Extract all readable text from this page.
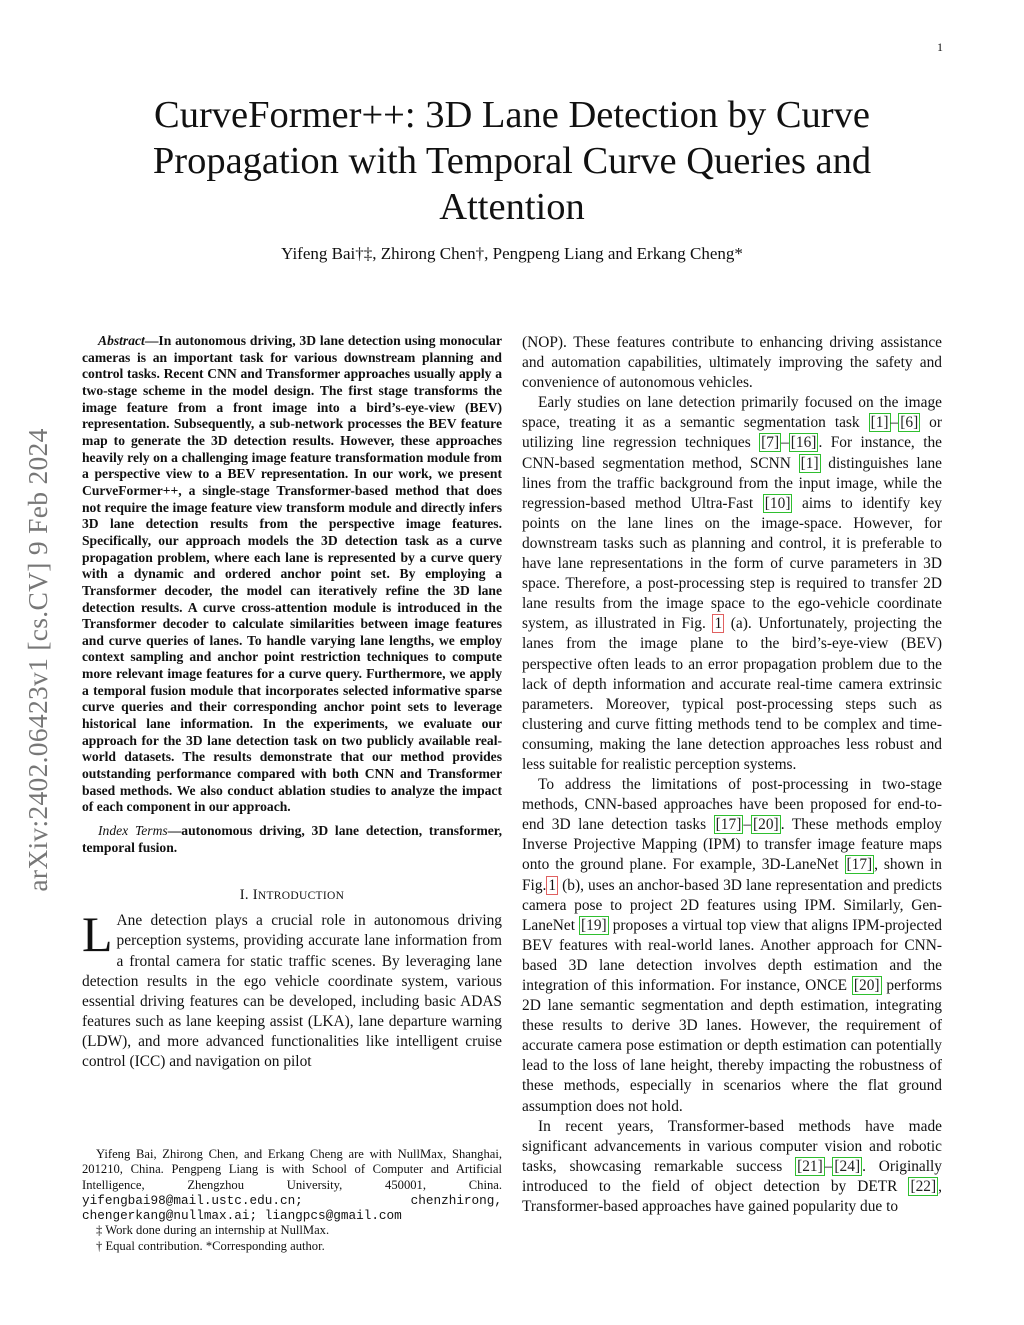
1
CurveFormer++: 3D Lane Detection by Curve Propagation with Temporal Curve Queries and Attention
Yifeng Bai†‡, Zhirong Chen†, Pengpeng Liang and Erkang Cheng*
arXiv:2402.06423v1 [cs.CV] 9 Feb 2024

Abstract—In autonomous driving, 3D lane detection using monocular cameras is an important task for various downstream planning and control tasks. Recent CNN and Transformer approaches usually apply a two-stage scheme in the model design. The first stage transforms the image feature from a front image into a bird’s-eye-view (BEV) representation. Subsequently, a sub-network processes the BEV feature map to generate the 3D detection results. However, these approaches heavily rely on a challenging image feature transformation module from a perspective view to a BEV representation. In our work, we present CurveFormer++, a single-stage Transformer-based method that does not require the image feature view transform module and directly infers 3D lane detection results from the perspective image features. Specifically, our approach models the 3D detection task as a curve propagation problem, where each lane is represented by a curve query with a dynamic and ordered anchor point set. By employing a Transformer decoder, the model can iteratively refine the 3D lane detection results. A curve cross-attention module is introduced in the Transformer decoder to calculate similarities between image features and curve queries of lanes. To handle varying lane lengths, we employ context sampling and anchor point restriction techniques to compute more relevant image features for a curve query. Furthermore, we apply a temporal fusion module that incorporates selected informative sparse curve queries and their corresponding anchor point sets to leverage historical lane information. In the experiments, we evaluate our approach for the 3D lane detection task on two publicly available real-world datasets. The results demonstrate that our method provides outstanding performance compared with both CNN and Transformer based methods. We also conduct ablation studies to analyze the impact of each component in our approach.

Index Terms—autonomous driving, 3D lane detection, transformer, temporal fusion.

I. INTRODUCTION

L Ane detection plays a crucial role in autonomous driving perception systems, providing accurate lane information from a frontal camera for static traffic scenes. By leveraging lane detection results in the ego vehicle coordinate system, various essential driving features can be developed, including basic ADAS features such as lane keeping assist (LKA), lane departure warning (LDW), and more advanced functionalities like intelligent cruise control (ICC) and navigation on pilot

Yifeng Bai, Zhirong Chen, and Erkang Cheng are with NullMax, Shanghai, 201210, China. Pengpeng Liang is with School of Computer and Artificial Intelligence, Zhengzhou University, 450001, China. yifengbai98@mail.ustc.edu.cn; chenzhirong, chengerkang@nullmax.ai; liangpcs@gmail.com

‡ Work done during an internship at NullMax.
† Equal contribution. *Corresponding author.

(NOP). These features contribute to enhancing driving assistance and automation capabilities, ultimately improving the safety and convenience of autonomous vehicles.

Early studies on lane detection primarily focused on the image space, treating it as a semantic segmentation task [1] – [6] or utilizing line regression techniques [7] – [16] . For instance, the CNN-based segmentation method, SCNN [1] distinguishes lane lines from the traffic background from the input image, while the regression-based method Ultra-Fast [10] aims to identify key points on the lane lines on the image-space. However, for downstream tasks such as planning and control, it is preferable to have lane representations in the form of curve parameters in 3D space. Therefore, a post-processing step is required to transfer 2D lane results from the image space to the ego-vehicle coordinate system, as illustrated in Fig. 1 (a). Unfortunately, projecting the lanes from the image plane to the bird’s-eye-view (BEV) perspective often leads to an error propagation problem due to the lack of depth information and accurate real-time camera extrinsic parameters. Moreover, typical post-processing steps such as clustering and curve fitting methods tend to be complex and time-consuming, making the lane detection approaches less robust and less suitable for realistic perception systems.

To address the limitations of post-processing in two-stage methods, CNN-based approaches have been proposed for end-to-end 3D lane detection tasks [17] – [20] . These methods employ Inverse Projective Mapping (IPM) to transfer image feature maps onto the ground plane. For example, 3D-LaneNet [17] , shown in Fig. 1 (b), uses an anchor-based 3D lane representation and predicts camera pose to project 2D features using IPM. Similarly, Gen-LaneNet [19] proposes a virtual top view that aligns IPM-projected BEV features with real-world lanes. Another approach for CNN-based 3D lane detection involves depth estimation and the integration of this information. For instance, ONCE [20] performs 2D lane semantic segmentation and depth estimation, integrating these results to derive 3D lanes. However, the requirement of accurate camera pose estimation or depth estimation can potentially lead to the loss of lane height, thereby impacting the robustness of these methods, especially in scenarios where the flat ground assumption does not hold.

In recent years, Transformer-based methods have made significant advancements in various computer vision and robotic tasks, showcasing remarkable success [21] – [24] . Originally introduced to the field of object detection by DETR [22] , Transformer-based approaches have gained popularity due to
